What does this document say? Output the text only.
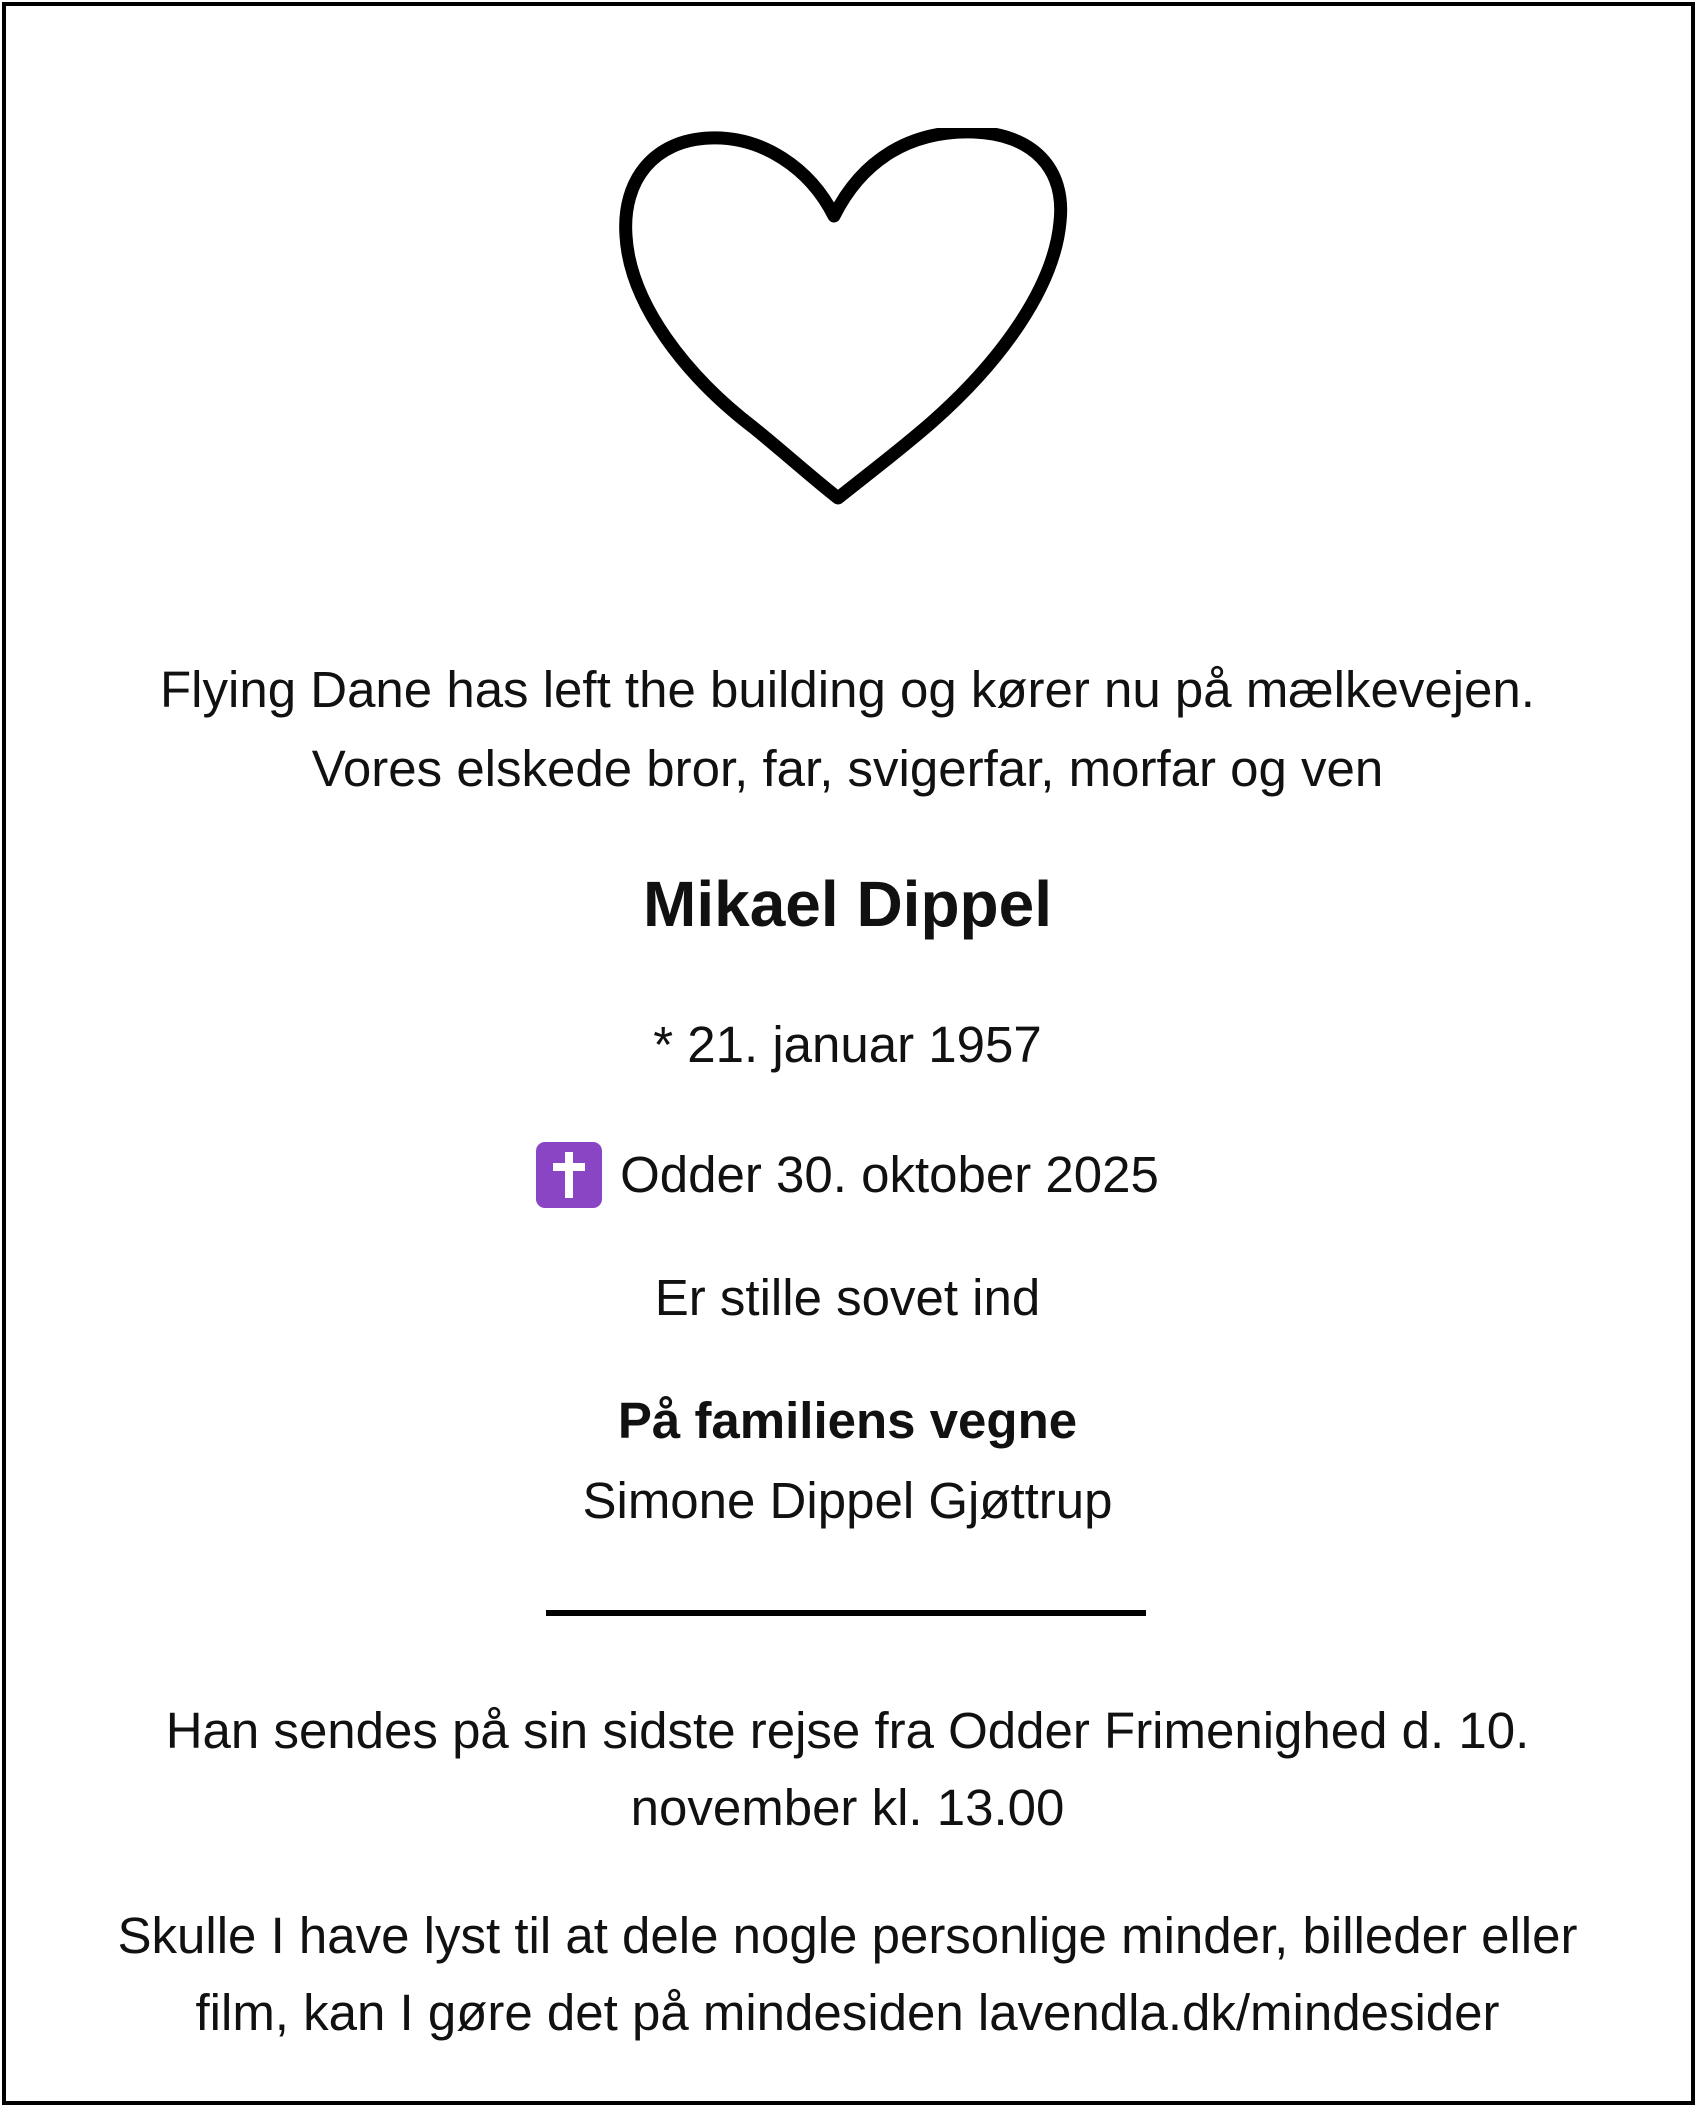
Flying Dane has left the building og kører nu på mælkevejen.
Vores elskede bror, far, svigerfar, morfar og ven
Mikael Dippel
* 21. januar 1957
Odder 30. oktober 2025
Er stille sovet ind
På familiens vegne
Simone Dippel Gjøttrup
Han sendes på sin sidste rejse fra Odder Frimenighed d. 10.
november kl. 13.00
Skulle I have lyst til at dele nogle personlige minder, billeder eller
film, kan I gøre det på mindesiden lavendla.dk/mindesider
